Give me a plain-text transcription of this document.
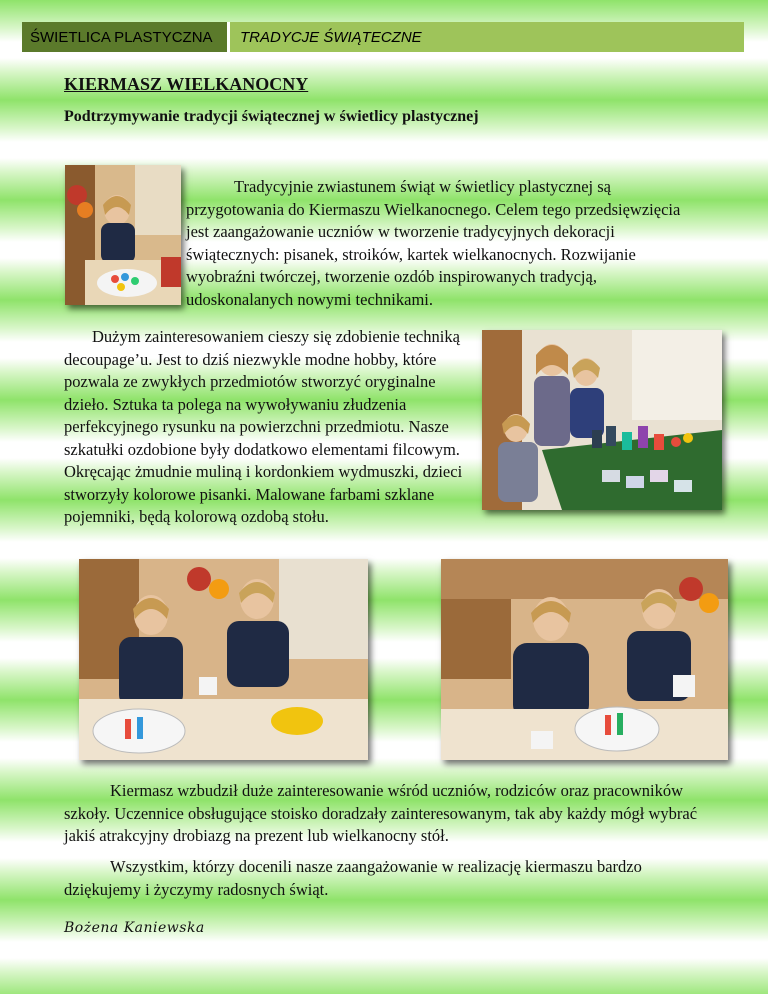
ŚWIETLICA PLASTYCZNA	TRADYCJE ŚWIĄTECZNE
KIERMASZ WIELKANOCNY
Podtrzymywanie tradycji świątecznej w świetlicy plastycznej

Tradycyjnie zwiastunem świąt w świetlicy plastycznej są przygotowania do Kiermaszu Wielkanocnego. Celem tego przedsięwzięcia jest zaangażowanie uczniów w tworzenie tradycyjnych dekoracji świątecznych: pisanek, stroików, kartek wielkanocnych. Rozwijanie wyobraźni twórczej, tworzenie ozdób inspirowanych tradycją, udoskonalanych nowymi technikami.

Dużym zainteresowaniem cieszy się zdobienie techniką decoupage’u. Jest to dziś niezwykle modne hobby, które pozwala ze zwykłych przedmiotów stworzyć oryginalne dzieło. Sztuka ta polega na wywoływaniu złudzenia perfekcyjnego rysunku na powierzchni przedmiotu. Nasze szkatułki ozdobione były dodatkowo elementami filcowym. Okręcając żmudnie muliną i kordonkiem wydmuszki, dzieci stworzyły kolorowe pisanki. Malowane farbami szklane pojemniki, będą kolorową ozdobą stołu.

Kiermasz wzbudził duże zainteresowanie wśród uczniów, rodziców oraz pracowników szkoły. Uczennice obsługujące stoisko doradzały zainteresowanym, tak aby każdy mógł wybrać jakiś atrakcyjny drobiazg na prezent lub wielkanocny stół.

Wszystkim, którzy docenili nasze zaangażowanie w realizację kiermaszu bardzo dziękujemy i życzymy radosnych świąt.

Bożena Kaniewska
